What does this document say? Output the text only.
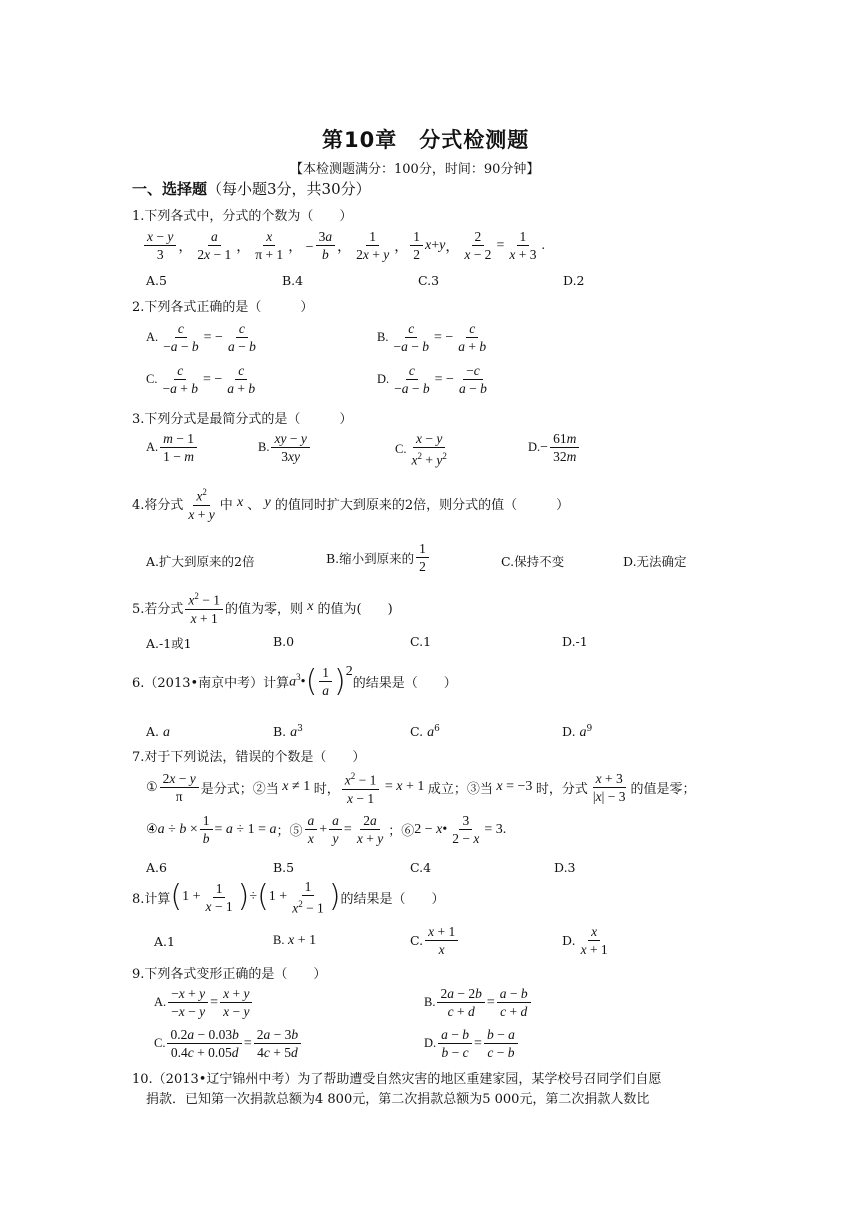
第10章　分式检测题
【本检测题满分：100分，时间：90分钟】
一、选择题（每小题3分，共30分）
1.下列各式中，分式的个数为（　　）
$\frac{x - y}{3}$ ， $\frac{a}{2x - 1}$ ， $\frac{x}{\pi + 1}$ ， − $\frac{3a}{b}$ ， $\frac{1}{2x + y}$ ， $\frac{1}{2}$ x + y ， $\frac{2}{x - 2} = \frac{1}{x + 3}$ .
A.5	B.4	C.3	D.2
2.下列各式正确的是（　　　）
A. $\frac{c}{-a - b}$ = − $\frac{c}{a - b}$	B. $\frac{c}{-a - b}$ = − $\frac{c}{a + b}$
C. $\frac{c}{-a + b}$ = − $\frac{c}{a + b}$	D. $\frac{c}{-a - b}$ = − $\frac{-c}{a - b}$
3.下列分式是最简分式的是（　　　）
A. $\frac{m - 1}{1 - m}$	B. $\frac{xy - y}{3xy}$	C. $\frac{x - y}{x^2 + y^2}$	D. − $\frac{61m}{32m}$
4.将分式 $\frac{x^2}{x + y}$ 中
x
、
y
的值同时扩大到原来的2倍，则分式的值（　　　）
A.扩大到原来的2倍	B.缩小到原来的 $\frac{1}{2}$	C.保持不变	D.无法确定
5.若分式 $\frac{x^2 - 1}{x + 1}$ 的值为零，则
x
的值为(　　)
A.-1或1	B.0	C.1	D.-1
6.（2013•南京中考）计算 $a^3•$ ( $\frac{1}{a}$ ) 2
的结果是（　　）
A. a	B. $a^3$	C. $a^6$	D. $a^9$
7.对于下列说法，错误的个数是（　　）
① $\frac{2x - y}{\pi}$ 是分式；②当 x ≠ 1 时， $\frac{x^2 - 1}{x - 1} = x + 1$ 成立；③当 x = −3 时，分式 $\frac{x + 3}{|x| - 3}$ 的值是零；
④ $a \div b \times \frac{1}{b} = a \div 1 = a$ ；⑤ $\frac{a}{x} + \frac{a}{y} = \frac{2a}{x + y}$ ；⑥ 2 − x• $\frac{3}{2 - x} = 3$.
A.6	B.5	C.4	D.3
8.计算 ( $1 + \frac{1}{x - 1}$ ) ÷ ( $1 + \frac{1}{x^2 - 1}$ ) 的结果是（　　）
A.1	B. x + 1	C. $\frac{x + 1}{x}$	D. $\frac{x}{x + 1}$
9.下列各式变形正确的是（　　）
A. $\frac{-x + y}{-x - y} = \frac{x + y}{x - y}$	B. $\frac{2a - 2b}{c + d} = \frac{a - b}{c + d}$
C. $\frac{0.2a - 0.03b}{0.4c + 0.05d} = \frac{2a - 3b}{4c + 5d}$	D. $\frac{a - b}{b - c} = \frac{b - a}{c - b}$
10.（2013•辽宁锦州中考）为了帮助遭受自然灾害的地区重建家园，某学校号召同学们自愿
捐款．已知第一次捐款总额为4 800元，第二次捐款总额为5 000元，第二次捐款人数比
